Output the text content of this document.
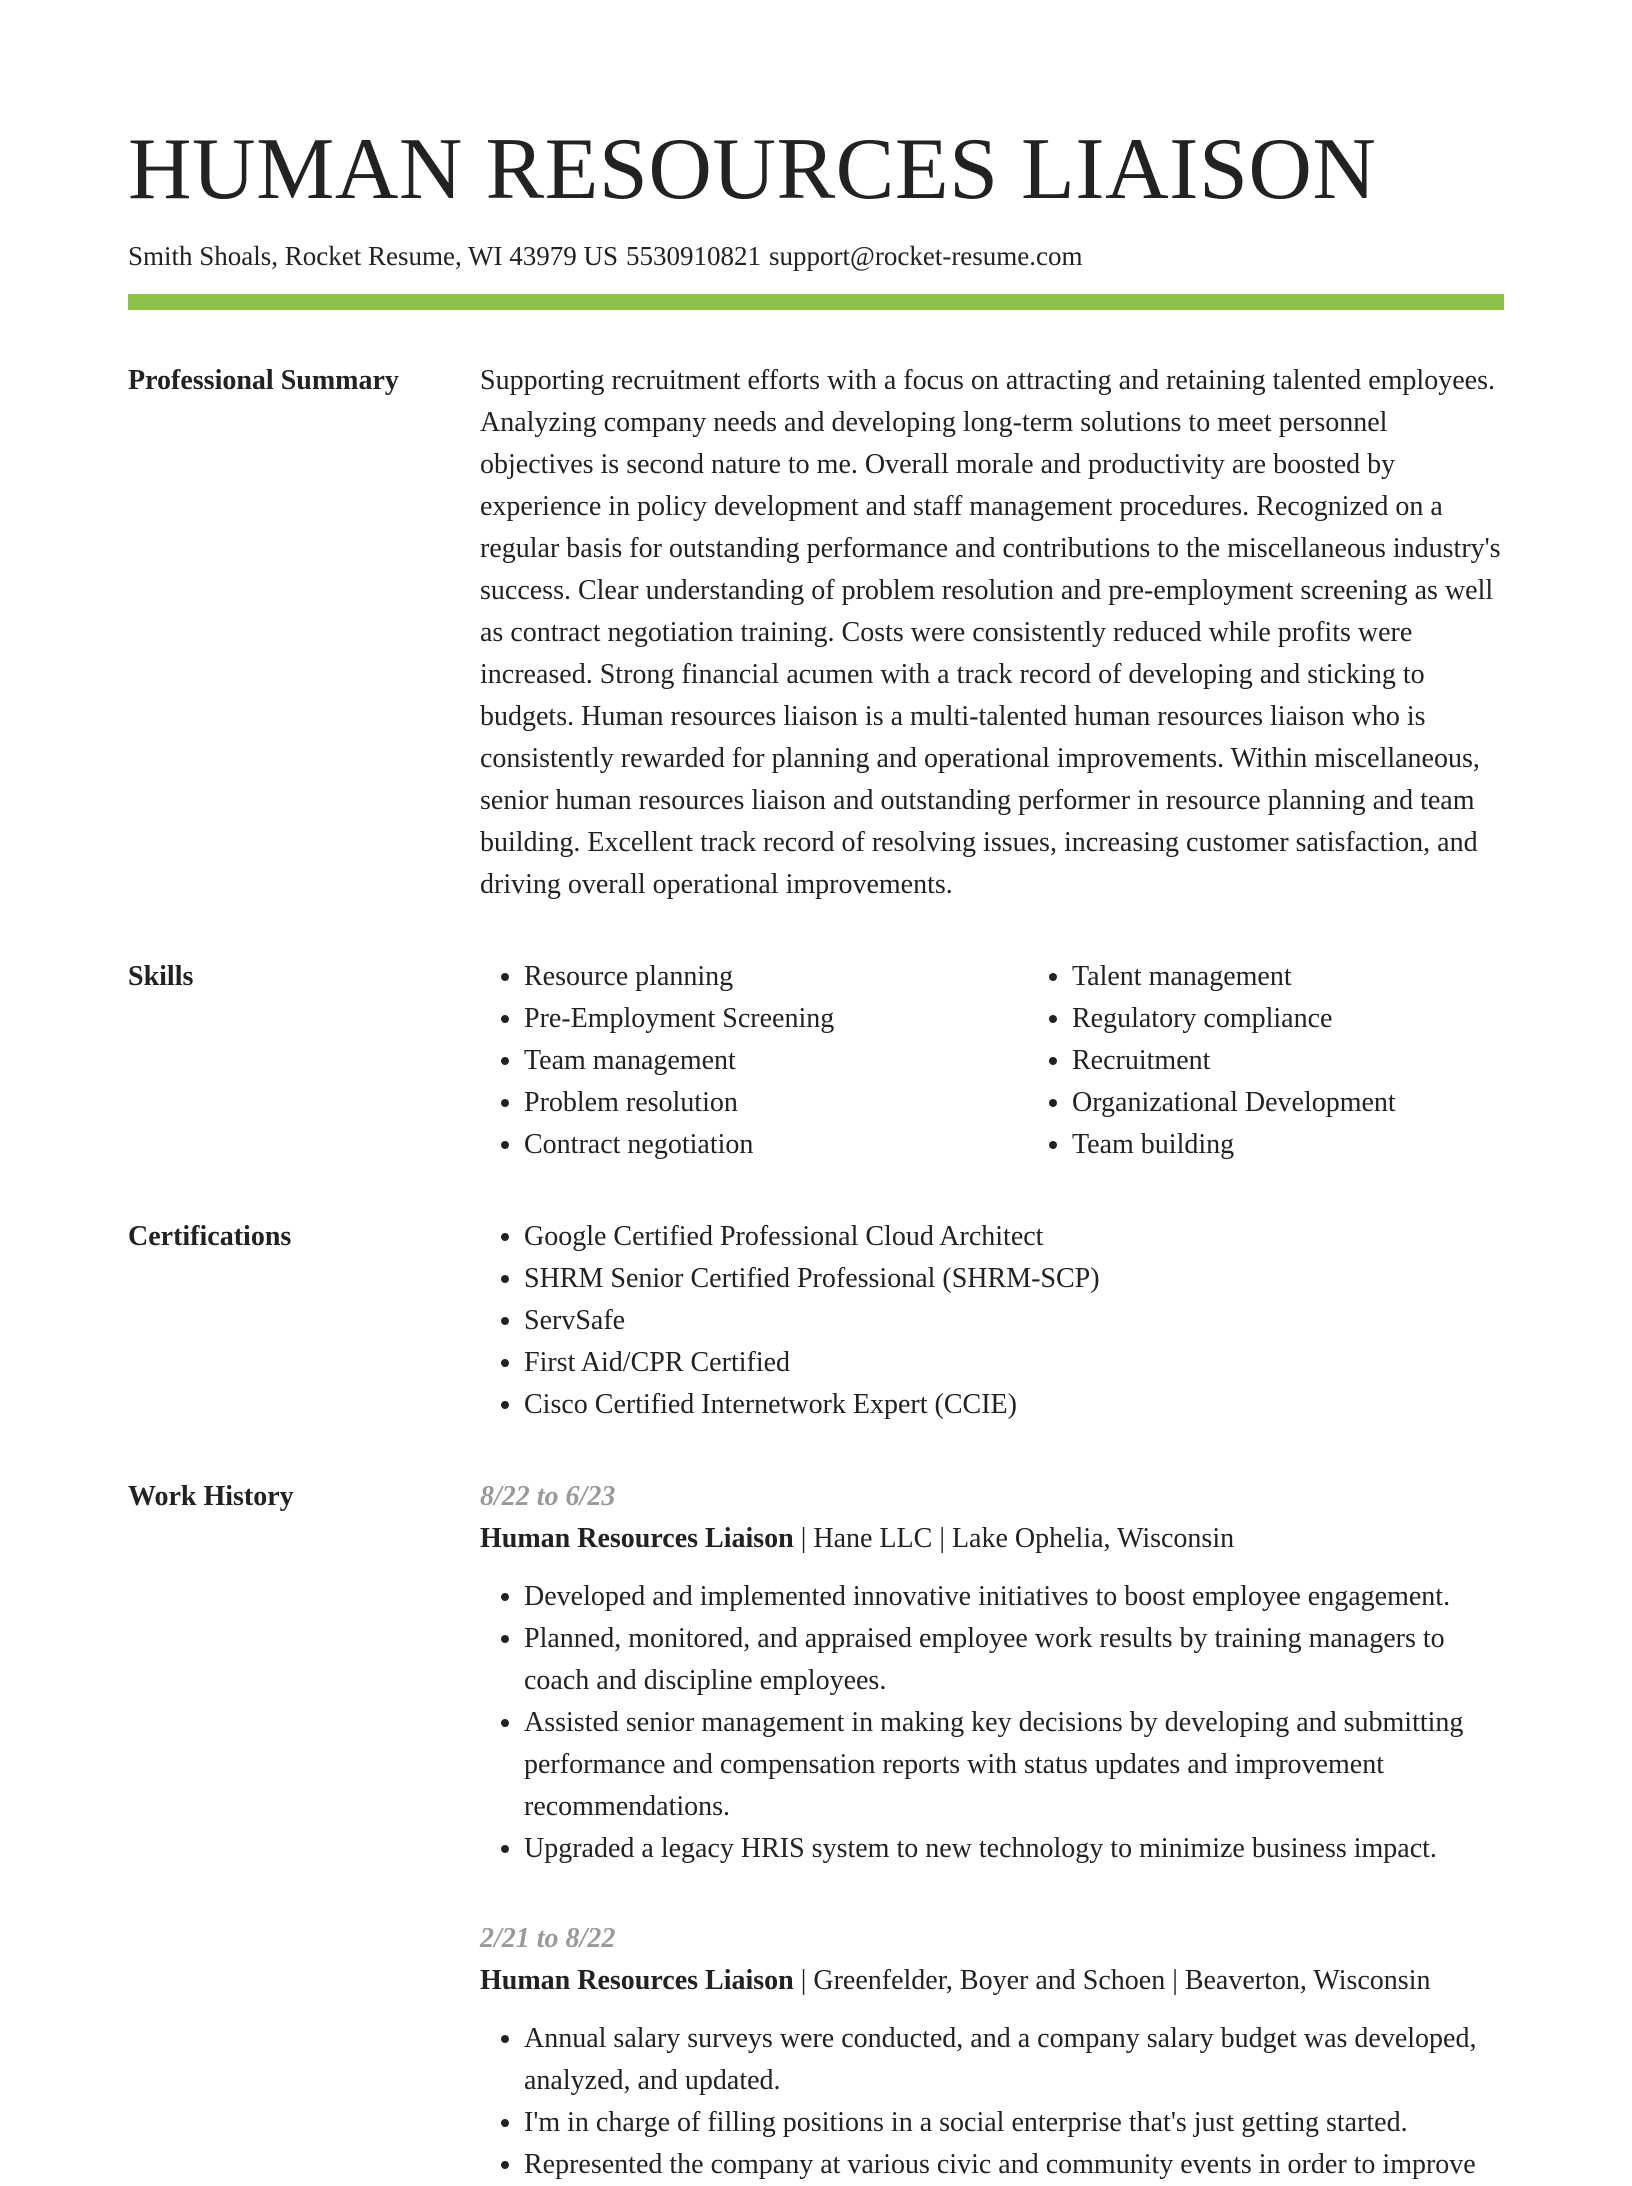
HUMAN RESOURCES LIAISON
Smith Shoals, Rocket Resume, WI 43979 US 5530910821 support@rocket-resume.com
Professional Summary	Supporting recruitment efforts with a focus on attracting and retaining talented employees. Analyzing company needs and developing long-term solutions to meet personnel objectives is second nature to me. Overall morale and productivity are boosted by experience in policy development and staff management procedures. Recognized on a regular basis for outstanding performance and contributions to the miscellaneous industry's success. Clear understanding of problem resolution and pre-employment screening as well as contract negotiation training. Costs were consistently reduced while profits were increased. Strong financial acumen with a track record of developing and sticking to budgets. Human resources liaison is a multi-talented human resources liaison who is consistently rewarded for planning and operational improvements. Within miscellaneous, senior human resources liaison and outstanding performer in resource planning and team building. Excellent track record of resolving issues, increasing customer satisfaction, and driving overall operational improvements.

Skills	• Resource planning
• Pre-Employment Screening
• Team management
• Problem resolution
• Contract negotiation
• Talent management
• Regulatory compliance
• Recruitment
• Organizational Development
• Team building
Certifications	• Google Certified Professional Cloud Architect
• SHRM Senior Certified Professional (SHRM-SCP)
• ServSafe
• First Aid/CPR Certified
• Cisco Certified Internetwork Expert (CCIE)
Work History	8/22 to 6/23
Human Resources Liaison | Hane LLC | Lake Ophelia, Wisconsin
• Developed and implemented innovative initiatives to boost employee engagement.
• Planned, monitored, and appraised employee work results by training managers to coach and discipline employees.
• Assisted senior management in making key decisions by developing and submitting performance and compensation reports with status updates and improvement recommendations.
• Upgraded a legacy HRIS system to new technology to minimize business impact.
2/21 to 8/22
Human Resources Liaison | Greenfelder, Boyer and Schoen | Beaverton, Wisconsin
• Annual salary surveys were conducted, and a company salary budget was developed, analyzed, and updated.
• I'm in charge of filling positions in a social enterprise that's just getting started.
• Represented the company at various civic and community events in order to improve
